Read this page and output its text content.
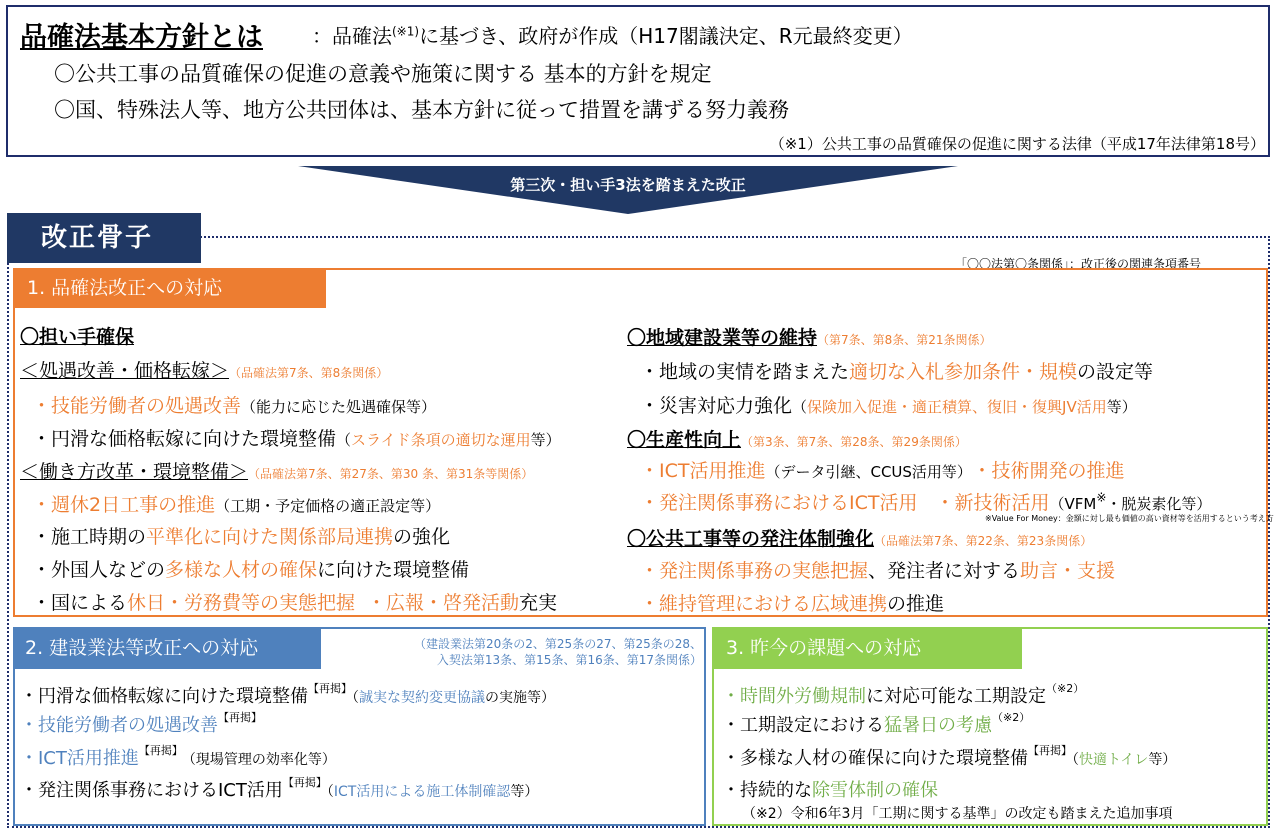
品確法基本方針とは ：品確法$^{(※1)}$に基づき、政府が作成（H17閣議決定、R元最終変更）
〇公共工事の品質確保の促進の意義や施策に関する 基本的方針を規定
〇国、特殊法人等、地方公共団体は、基本方針に従って措置を講ずる努力義務
（※1）公共工事の品質確保の促進に関する法律（平成17年法律第18号）
第三次・担い手3法を踏まえた改正
改正骨子
「〇〇法第〇条関係」：改正後の関連条項番号
1. 品確法改正への対応
〇担い手確保
＜処遇改善・価格転嫁＞（品確法第7条、第8条関係）
・技能労働者の処遇改善（能力に応じた処遇確保等）
・円滑な価格転嫁に向けた環境整備（スライド条項の適切な運用等）
＜働き方改革・環境整備＞（品確法第7条、第27条、第30 条、第31条等関係）
・週休2日工事の推進（工期・予定価格の適正設定等）
・施工時期の平準化に向けた関係部局連携の強化
・外国人などの多様な人材の確保に向けた環境整備
・国による休日・労務費等の実態把握 ・広報・啓発活動充実
〇地域建設業等の維持（第7条、第8条、第21条関係）
・地域の実情を踏まえた適切な入札参加条件・規模の設定等
・災害対応力強化（保険加入促進・適正積算、復旧・復興JV活用等）
〇生産性向上（第3条、第7条、第28条、第29条関係）
・ICT活用推進（データ引継、CCUS活用等） ・技術開発の推進
・発注関係事務におけるICT活用 ・新技術活用（VFM※・脱炭素化等）
※Value For Money：金額に対し最も価値の高い資材等を活用するという考え方
〇公共工事等の発注体制強化（品確法第7条、第22条、第23条関係）
・発注関係事務の実態把握、発注者に対する助言・支援
・維持管理における広域連携の推進
2. 建設業法等改正への対応	（建設業法第20条の2、第25条の27、第25条の28、
入契法第13条、第15条、第16条、第17条関係）
・円滑な価格転嫁に向けた環境整備$^{【再掲】}$（誠実な契約変更協議の実施等）
・技能労働者の処遇改善$^{【再掲】}$
・ICT活用推進$^{【再掲】}$（現場管理の効率化等）
・発注関係事務におけるICT活用$^{【再掲】}$（ICT活用による施工体制確認等）
3. 昨今の課題への対応
・時間外労働規制に対応可能な工期設定$^{(※2)}$
・工期設定における猛暑日の考慮$^{(※2)}$
・多様な人材の確保に向けた環境整備$^{【再掲】}$（快適トイレ等）
・持続的な除雪体制の確保
（※2）令和6年3月「工期に関する基準」の改定も踏まえた追加事項
